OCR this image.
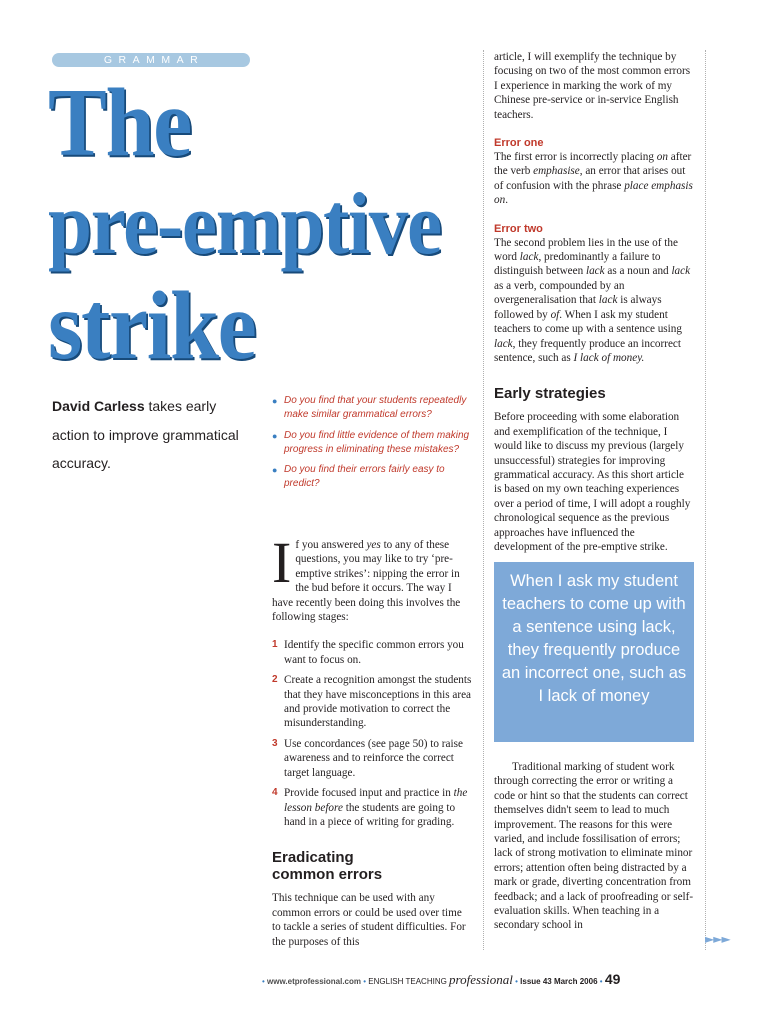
GRAMMAR
The
pre-emptive
strike
David Carless takes early action to improve grammatical accuracy.
● Do you find that your students repeatedly make similar grammatical errors?
● Do you find little evidence of them making progress in eliminating these mistakes?
● Do you find their errors fairly easy to predict?

If you answered yes to any of these questions, you may like to try ‘pre-emptive strikes’: nipping the error in the bud before it occurs. The way I have recently been doing this involves the following stages:

1 Identify the specific common errors you want to focus on.
2 Create a recognition amongst the students that they have misconceptions in this area and provide motivation to correct the misunderstanding.
3 Use concordances (see page 50) to raise awareness and to reinforce the correct target language.
4 Provide focused input and practice in the lesson before the students are going to hand in a piece of writing for grading.
Eradicating
common errors

This technique can be used with any common errors or could be used over time to tackle a series of student difficulties. For the purposes of this

article, I will exemplify the technique by focusing on two of the most common errors I experience in marking the work of my Chinese pre-service or in-service English teachers.

Error one

The first error is incorrectly placing on after the verb emphasise, an error that arises out of confusion with the phrase place emphasis on.

Error two

The second problem lies in the use of the word lack, predominantly a failure to distinguish between lack as a noun and lack as a verb, compounded by an overgeneralisation that lack is always followed by of. When I ask my student teachers to come up with a sentence using lack, they frequently produce an incorrect sentence, such as I lack of money.

Early strategies

Before proceeding with some elaboration and exemplification of the technique, I would like to discuss my previous (largely unsuccessful) strategies for improving grammatical accuracy. As this short article is based on my own teaching experiences over a period of time, I will adopt a roughly chronological sequence as the previous approaches have influenced the development of the pre-emptive strike.

When I ask my student teachers to come up with a sentence using lack, they frequently produce an incorrect one, such as I lack of money

Traditional marking of student work through correcting the error or writing a code or hint so that the students can correct themselves didn't seem to lead to much improvement. The reasons for this were varied, and include fossilisation of errors; lack of strong motivation to eliminate minor errors; attention often being distracted by a mark or grade, diverting concentration from feedback; and a lack of proofreading or self-evaluation skills. When teaching in a secondary school in

►►►
• www.etprofessional.com • ENGLISH TEACHING professional • Issue 43 March 2006 • 49
